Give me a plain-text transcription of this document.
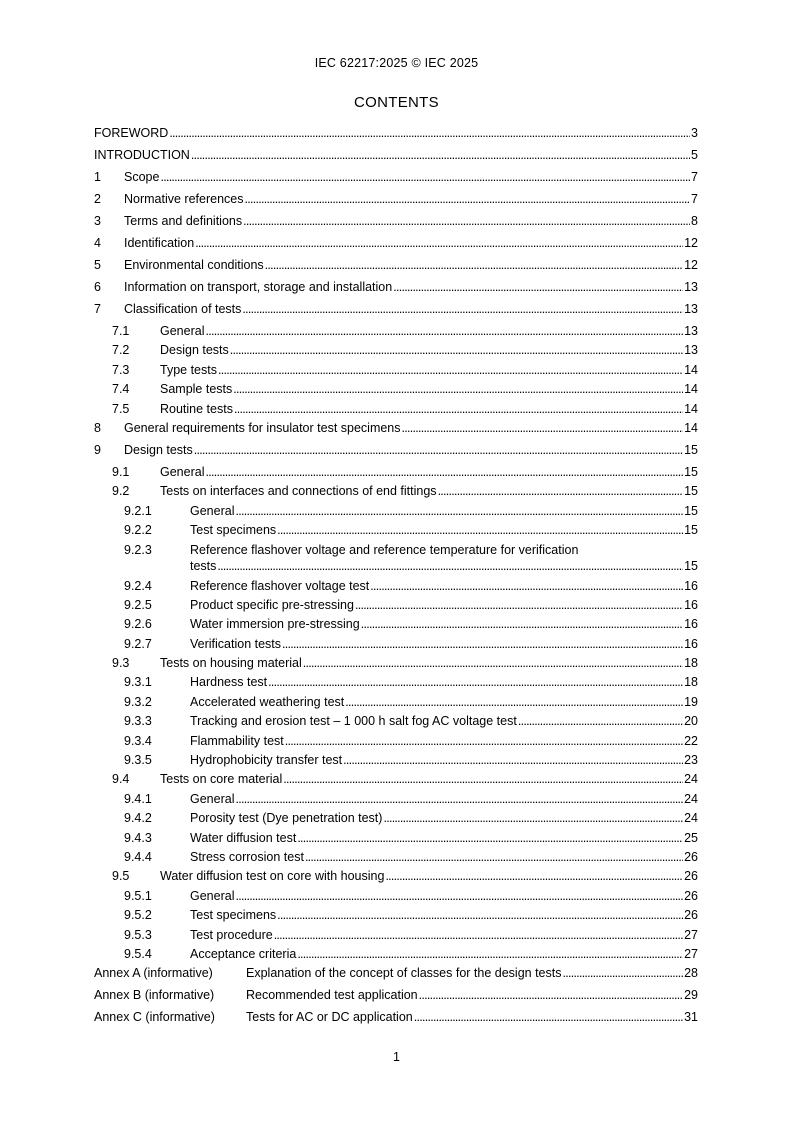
IEC 62217:2025 © IEC 2025
CONTENTS
FOREWORD . . .	3
INTRODUCTION . . .	5
1 Scope . . .	7
2 Normative references . . .	7
3 Terms and definitions . . .	8
4 Identification . . .	12
5 Environmental conditions . . .	12
6 Information on transport, storage and installation . . .	13
7 Classification of tests . . .	13
7.1 General . . .	13
7.2 Design tests . . .	13
7.3 Type tests . . .	14
7.4 Sample tests . . .	14
7.5 Routine tests . . .	14
8 General requirements for insulator test specimens . . .	14
9 Design tests . . .	15
9.1 General . . .	15
9.2 Tests on interfaces and connections of end fittings . . .	15
9.2.1	General . . .	15
9.2.2	Test specimens . . .	15
9.2.3	Reference flashover voltage and reference temperature for verification
tests . . .	15
9.2.4	Reference flashover voltage test . . .	16
9.2.5	Product specific pre-stressing . . .	16
9.2.6	Water immersion pre-stressing . . .	16
9.2.7	Verification tests . . .	16
9.3 Tests on housing material . . .	18
9.3.1	Hardness test . . .	18
9.3.2	Accelerated weathering test . . .	19
9.3.3	Tracking and erosion test – 1 000 h salt fog AC voltage test . . .	20
9.3.4	Flammability test . . .	22
9.3.5	Hydrophobicity transfer test . . .	23
9.4 Tests on core material . . .	24
9.4.1	General . . .	24
9.4.2	Porosity test (Dye penetration test) . . .	24
9.4.3	Water diffusion test . . .	25
9.4.4	Stress corrosion test . . .	26
9.5 Water diffusion test on core with housing . . .	26
9.5.1	General . . .	26
9.5.2	Test specimens . . .	26
9.5.3	Test procedure . . .	27
9.5.4	Acceptance criteria . . .	27
Annex A (informative)	Explanation of the concept of classes for the design tests . . .	28
Annex B (informative)	Recommended test application . . .	29
Annex C (informative) Tests for AC or DC application . . .	31
1
